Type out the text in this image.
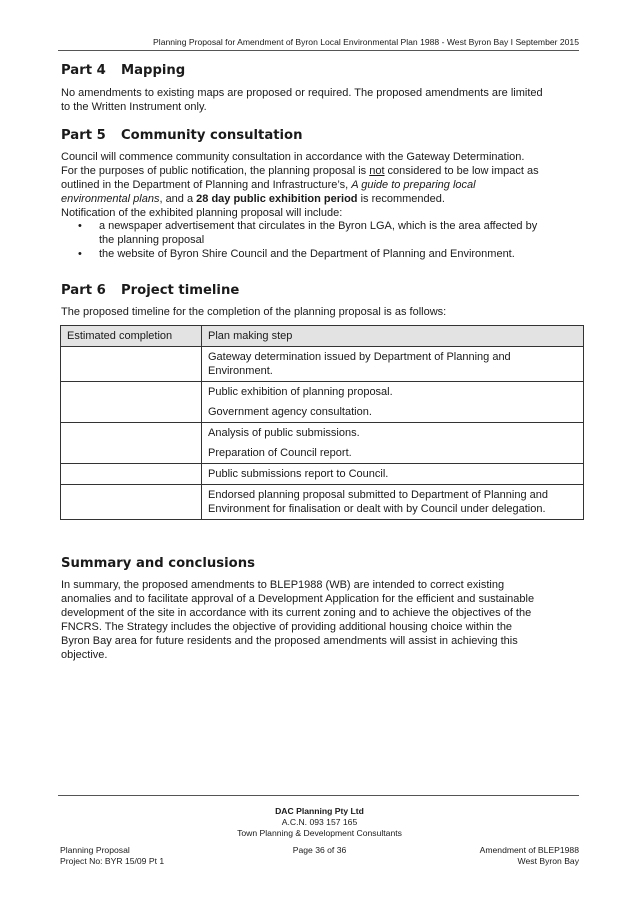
Planning Proposal for Amendment of Byron Local Environmental Plan 1988 - West Byron Bay I September 2015
Part 4 Mapping

No amendments to existing maps are proposed or required. The proposed amendments are limited
to the Written Instrument only.

Part 5 Community consultation

Council will commence community consultation in accordance with the Gateway Determination.
For the purposes of public notification, the planning proposal is not considered to be low impact as
outlined in the Department of Planning and Infrastructure’s, A guide to preparing local
environmental plans, and a 28 day public exhibition period is recommended.
Notification of the exhibited planning proposal will include:

• a newspaper advertisement that circulates in the Byron LGA, which is the area affected by
the planning proposal
• the website of Byron Shire Council and the Department of Planning and Environment.
Part 6 Project timeline

The proposed timeline for the completion of the planning proposal is as follows:

Estimated completion	Plan making step

	Gateway determination issued by Department of Planning and
Environment.

	Public exhibition of planning proposal.
Government agency consultation.

	Analysis of public submissions.
Preparation of Council report.

	Public submissions report to Council.

	Endorsed planning proposal submitted to Department of Planning and
Environment for finalisation or dealt with by Council under delegation.
Summary and conclusions

In summary, the proposed amendments to BLEP1988 (WB) are intended to correct existing
anomalies and to facilitate approval of a Development Application for the efficient and sustainable
development of the site in accordance with its current zoning and to achieve the objectives of the
FNCRS. The Strategy includes the objective of providing additional housing choice within the
Byron Bay area for future residents and the proposed amendments will assist in achieving this
objective.

DAC Planning Pty Ltd
A.C.N. 093 157 165
Town Planning & Development Consultants
Planning Proposal
Project No: BYR 15/09 Pt 1
Page 36 of 36	Amendment of BLEP1988
West Byron Bay
